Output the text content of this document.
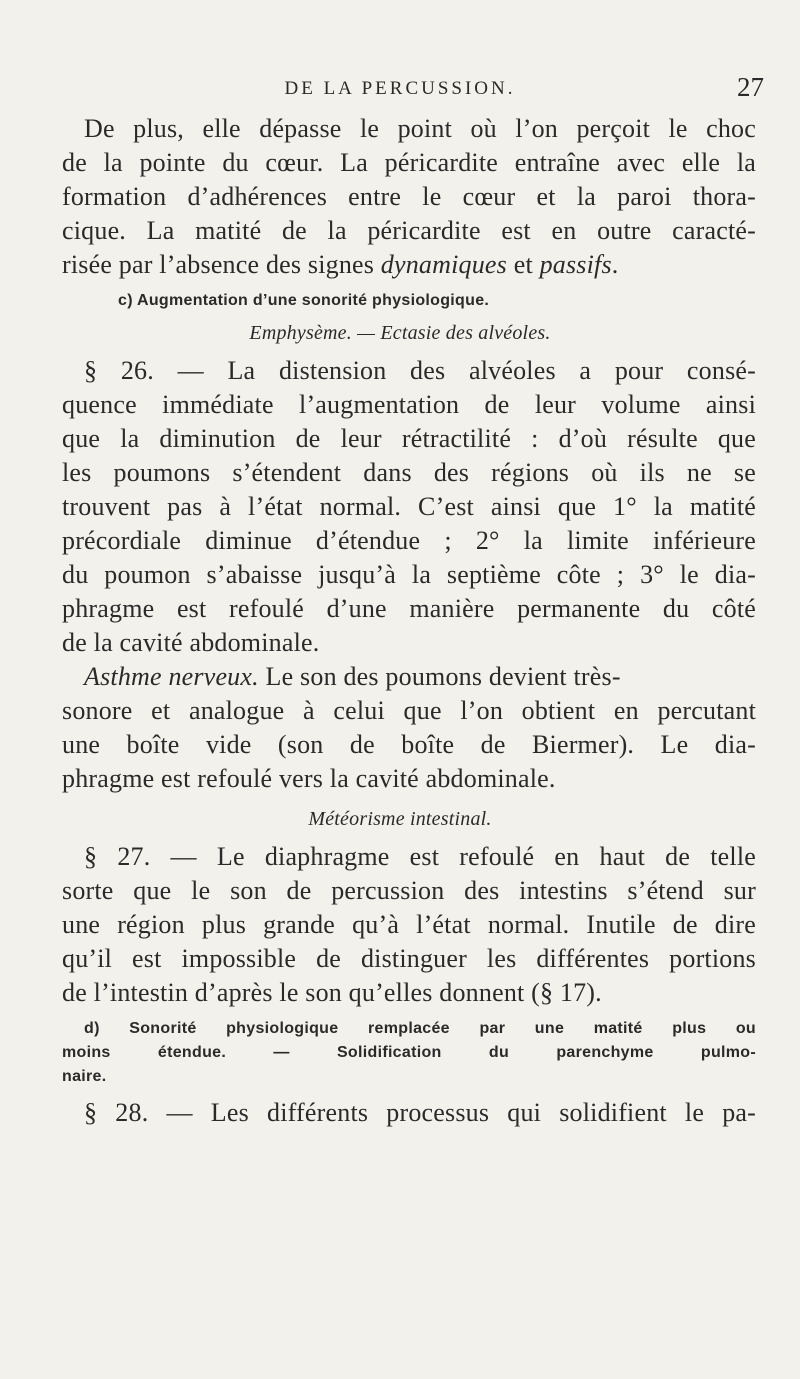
DE LA PERCUSSION.	27
De plus, elle dépasse le point où l’on perçoit le choc
de la pointe du cœur. La péricardite entraîne avec elle la
formation d’adhérences entre le cœur et la paroi thora-
cique. La matité de la péricardite est en outre caracté-
risée par l’absence des signes dynamiques et passifs.
c) Augmentation d’une sonorité physiologique.
Emphysème. — Ectasie des alvéoles.
§ 26. — La distension des alvéoles a pour consé-
quence immédiate l’augmentation de leur volume ainsi
que la diminution de leur rétractilité : d’où résulte que
les poumons s’étendent dans des régions où ils ne se
trouvent pas à l’état normal. C’est ainsi que 1° la matité
précordiale diminue d’étendue ; 2° la limite inférieure
du poumon s’abaisse jusqu’à la septième côte ; 3° le dia-
phragme est refoulé d’une manière permanente du côté
de la cavité abdominale.
Asthme nerveux. Le son des poumons devient très-
sonore et analogue à celui que l’on obtient en percutant
une boîte vide (son de boîte de Biermer). Le dia-
phragme est refoulé vers la cavité abdominale.
Météorisme intestinal.
§ 27. — Le diaphragme est refoulé en haut de telle
sorte que le son de percussion des intestins s’étend sur
une région plus grande qu’à l’état normal. Inutile de dire
qu’il est impossible de distinguer les différentes portions
de l’intestin d’après le son qu’elles donnent (§ 17).
d) Sonorité physiologique remplacée par une matité plus ou
moins étendue. — Solidification du parenchyme pulmo-
naire.
§ 28. — Les différents processus qui solidifient le pa-
